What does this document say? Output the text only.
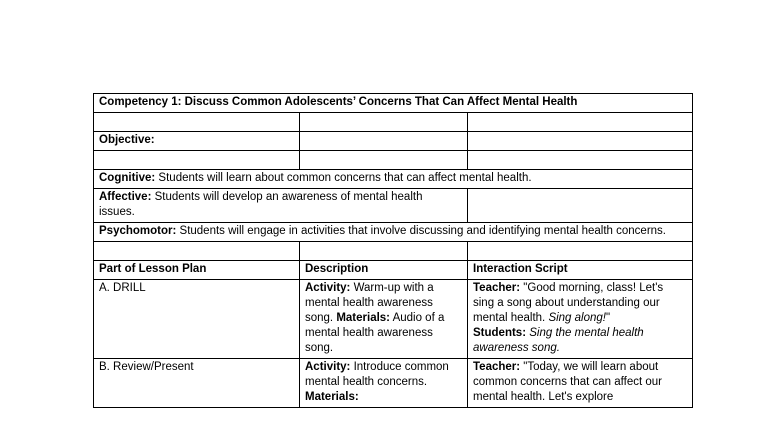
Competency 1: Discuss Common Adolescents’ Concerns That Can Affect Mental Health		

Objective:		

Cognitive: Students will learn about common concerns that can affect mental health.		
Affective: Students will develop an awareness of mental health issues.		
Psychomotor: Students will engage in activities that involve discussing and identifying mental health concerns.		

Part of Lesson Plan	Description	Interaction Script
A. DRILL	Activity: Warm-up with a mental health awareness song. Materials: Audio of a mental health awareness song.	Teacher: "Good morning, class! Let's sing a song about understanding our mental health. Sing along!"
Students: Sing the mental health awareness song.
B. Review/Present	Activity: Introduce common mental health concerns. Materials:	Teacher: "Today, we will learn about common concerns that can affect our mental health. Let's explore
